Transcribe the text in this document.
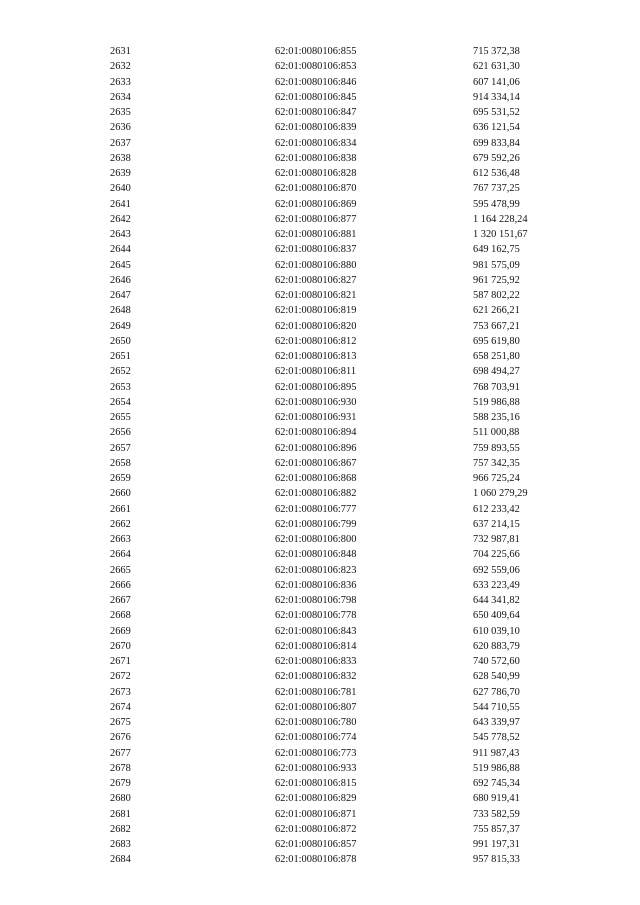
2631	62:01:0080106:855	715 372,38
2632	62:01:0080106:853	621 631,30
2633	62:01:0080106:846	607 141,06
2634	62:01:0080106:845	914 334,14
2635	62:01:0080106:847	695 531,52
2636	62:01:0080106:839	636 121,54
2637	62:01:0080106:834	699 833,84
2638	62:01:0080106:838	679 592,26
2639	62:01:0080106:828	612 536,48
2640	62:01:0080106:870	767 737,25
2641	62:01:0080106:869	595 478,99
2642	62:01:0080106:877	1 164 228,24
2643	62:01:0080106:881	1 320 151,67
2644	62:01:0080106:837	649 162,75
2645	62:01:0080106:880	981 575,09
2646	62:01:0080106:827	961 725,92
2647	62:01:0080106:821	587 802,22
2648	62:01:0080106:819	621 266,21
2649	62:01:0080106:820	753 667,21
2650	62:01:0080106:812	695 619,80
2651	62:01:0080106:813	658 251,80
2652	62:01:0080106:811	698 494,27
2653	62:01:0080106:895	768 703,91
2654	62:01:0080106:930	519 986,88
2655	62:01:0080106:931	588 235,16
2656	62:01:0080106:894	511 000,88
2657	62:01:0080106:896	759 893,55
2658	62:01:0080106:867	757 342,35
2659	62:01:0080106:868	966 725,24
2660	62:01:0080106:882	1 060 279,29
2661	62:01:0080106:777	612 233,42
2662	62:01:0080106:799	637 214,15
2663	62:01:0080106:800	732 987,81
2664	62:01:0080106:848	704 225,66
2665	62:01:0080106:823	692 559,06
2666	62:01:0080106:836	633 223,49
2667	62:01:0080106:798	644 341,82
2668	62:01:0080106:778	650 409,64
2669	62:01:0080106:843	610 039,10
2670	62:01:0080106:814	620 883,79
2671	62:01:0080106:833	740 572,60
2672	62:01:0080106:832	628 540,99
2673	62:01:0080106:781	627 786,70
2674	62:01:0080106:807	544 710,55
2675	62:01:0080106:780	643 339,97
2676	62:01:0080106:774	545 778,52
2677	62:01:0080106:773	911 987,43
2678	62:01:0080106:933	519 986,88
2679	62:01:0080106:815	692 745,34
2680	62:01:0080106:829	680 919,41
2681	62:01:0080106:871	733 582,59
2682	62:01:0080106:872	755 857,37
2683	62:01:0080106:857	991 197,31
2684	62:01:0080106:878	957 815,33
